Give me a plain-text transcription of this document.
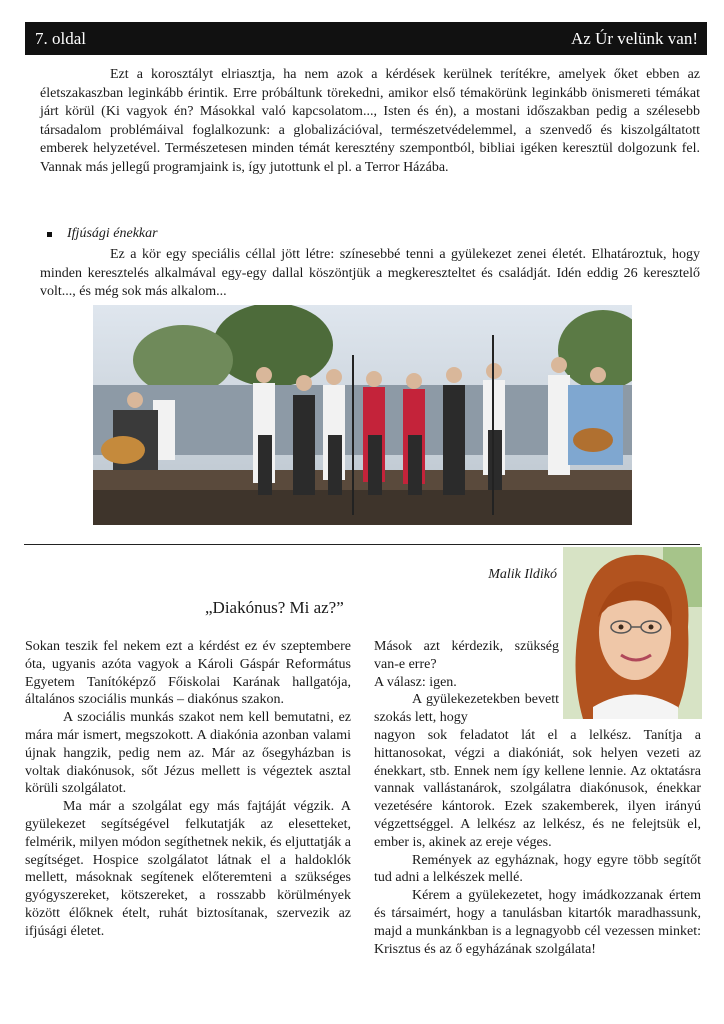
7. oldal	Az Úr velünk van!

Ezt a korosztályt elriasztja, ha nem azok a kérdések kerülnek terítékre, amelyek őket ebben az életszakaszban leginkább érintik. Erre próbáltunk törekedni, amikor első témakörünk leginkább önismereti témákat járt körül (Ki vagyok én? Másokkal való kapcsolatom..., Isten és én), a mostani időszakban pedig a szélesebb társadalom problémáival foglalkozunk: a globalizációval, természetvédelemmel, a szenvedő és kiszolgáltatott emberek helyzetével. Természetesen minden témát keresztény szempontból, bibliai igéken keresztül dolgozunk fel. Vannak más jellegű programjaink is, így jutottunk el pl. a Terror Házába.

Ifjúsági énekkar

Ez a kör egy speciális céllal jött létre: színesebbé tenni a gyülekezet zenei életét. Elhatároztuk, hogy minden keresztelés alkalmával egy-egy dallal köszöntjük a megkereszteltet és családját. Idén eddig 26 keresztelő volt..., és még sok más alkalom...

Malik Ildikó
„Diakónus? Mi az?”

Sokan teszik fel nekem ezt a kérdést ez év szeptembere óta, ugyanis azóta vagyok a Károli Gáspár Református Egyetem Tanítóképző Főiskolai Karának hallgatója, általános szociális munkás – diakónus szakon.

A szociális munkás szakot nem kell bemutatni, ez mára már ismert, megszokott. A diakónia azonban valami újnak hangzik, pedig nem az. Már az ősegyházban is voltak diakónusok, sőt Jézus mellett is végeztek asztal körüli szolgálatot.

Ma már a szolgálat egy más fajtáját végzik. A gyülekezet segítségével felkutatják az elesetteket, felmérik, milyen módon segíthetnek nekik, és eljuttatják a segítséget. Hospice szolgálatot látnak el a haldoklók mellett, másoknak segítenek előteremteni a szükséges gyógyszereket, kötszereket, a rosszabb körülmények között élőknek ételt, ruhát biztosítanak, szervezik az ifjúsági életet.

Mások azt kérdezik, szükség van-e erre?

A válasz: igen.

A gyülekezetekben bevett szokás lett, hogy

nagyon sok feladatot lát el a lelkész. Tanítja a hittanosokat, végzi a diakóniát, sok helyen vezeti az énekkart, stb. Ennek nem így kellene lennie. Az oktatásra vannak vallástanárok, szolgálatra diakónusok, énekkar vezetésére kántorok. Ezek szakemberek, ilyen irányú végzettséggel. A lelkész az lelkész, és ne felejtsük el, ember is, akinek az ereje véges.

Remények az egyháznak, hogy egyre több segítőt tud adni a lelkészek mellé.

Kérem a gyülekezetet, hogy imádkozzanak értem és társaimért, hogy a tanulásban kitartók maradhassunk, majd a munkánkban is a legnagyobb cél vezessen minket: Krisztus és az ő egyházának szolgálata!
